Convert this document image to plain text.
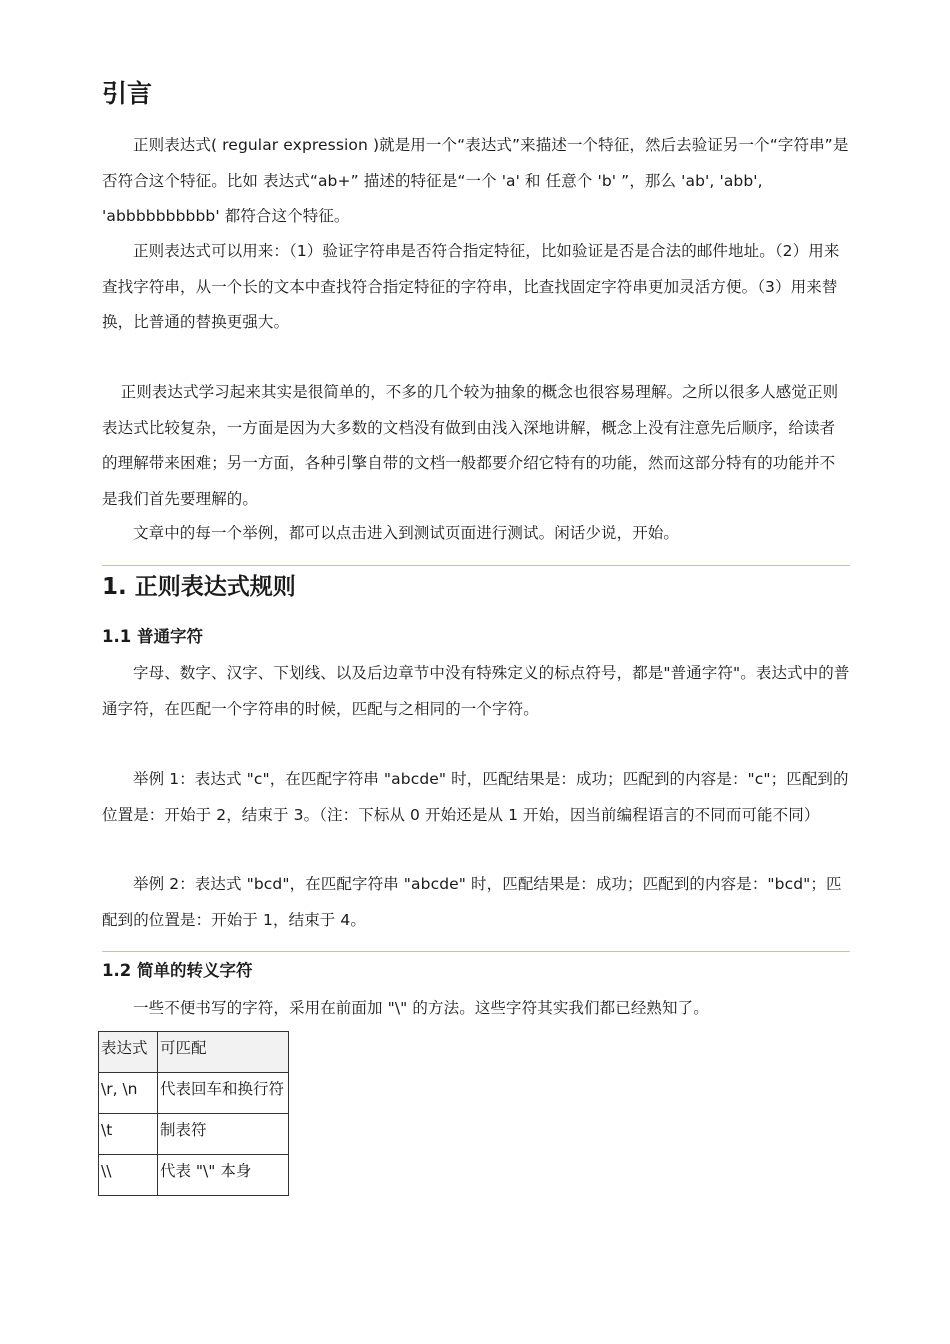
引言

正则表达式( regular expression )就是用一个“表达式”来描述一个特征，然后去验证另一个“字符串”是否符合这个特征。比如 表达式“ab+” 描述的特征是“一个 'a' 和 任意个 'b' ”，那么 'ab', 'abb', 'abbbbbbbbbb' 都符合这个特征。

正则表达式可以用来：（1）验证字符串是否符合指定特征，比如验证是否是合法的邮件地址。（2）用来查找字符串，从一个长的文本中查找符合指定特征的字符串，比查找固定字符串更加灵活方便。（3）用来替换，比普通的替换更强大。

正则表达式学习起来其实是很简单的，不多的几个较为抽象的概念也很容易理解。之所以很多人感觉正则表达式比较复杂，一方面是因为大多数的文档没有做到由浅入深地讲解，概念上没有注意先后顺序，给读者的理解带来困难；另一方面，各种引擎自带的文档一般都要介绍它特有的功能，然而这部分特有的功能并不是我们首先要理解的。

文章中的每一个举例，都可以点击进入到测试页面进行测试。闲话少说，开始。

1. 正则表达式规则
1.1 普通字符

字母、数字、汉字、下划线、以及后边章节中没有特殊定义的标点符号，都是"普通字符"。表达式中的普通字符，在匹配一个字符串的时候，匹配与之相同的一个字符。

举例 1：表达式 "c"，在匹配字符串 "abcde" 时，匹配结果是：成功；匹配到的内容是："c"；匹配到的位置是：开始于 2，结束于 3。（注：下标从 0 开始还是从 1 开始，因当前编程语言的不同而可能不同）

举例 2：表达式 "bcd"，在匹配字符串 "abcde" 时，匹配结果是：成功；匹配到的内容是："bcd"；匹配到的位置是：开始于 1，结束于 4。

1.2 简单的转义字符

一些不便书写的字符，采用在前面加 "\" 的方法。这些字符其实我们都已经熟知了。

表达式	可匹配
\r, \n	代表回车和换行符
\t	制表符
\\	代表 "\" 本身
